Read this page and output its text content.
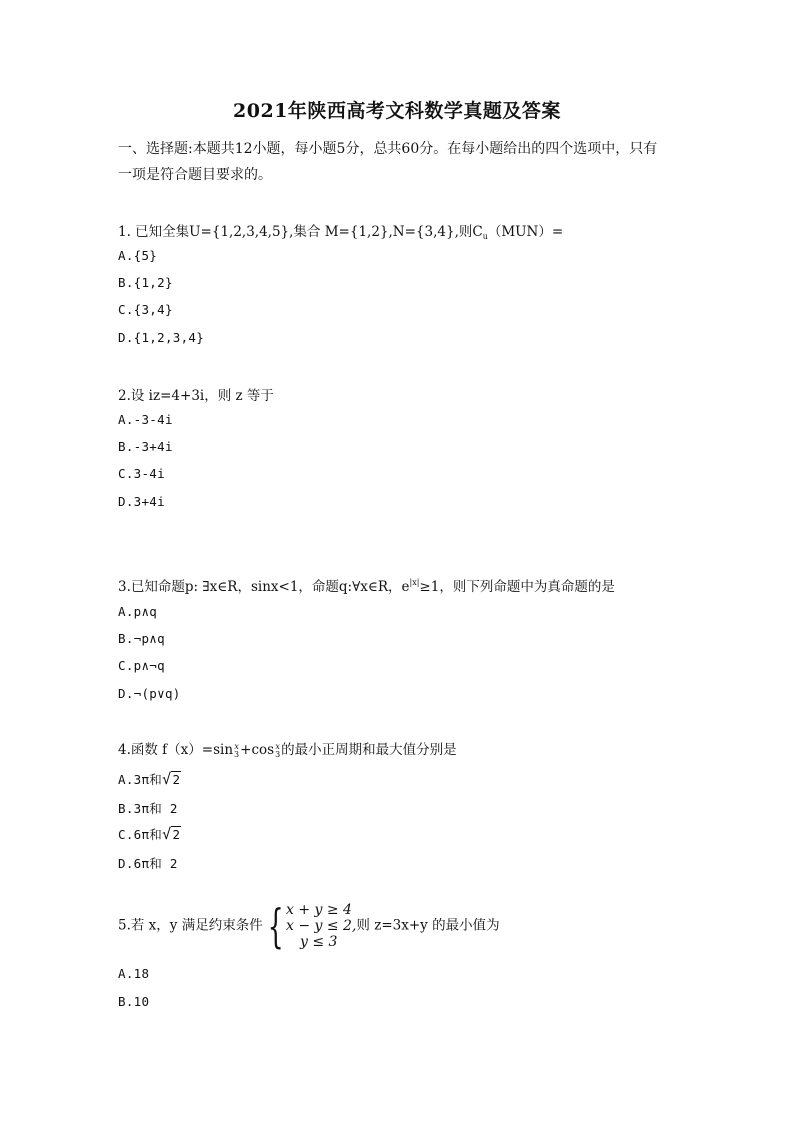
2021年陕西高考文科数学真题及答案
一、选择题:本题共12小题，每小题5分，总共60分。在每小题给出的四个选项中，只有
一项是符合题目要求的。
1. 已知全集U={1,2,3,4,5},集合 M={1,2},N={3,4},则$C_u(MUN)=$
A.{5}
B.{1,2}
C.{3,4}
D.{1,2,3,4}
2.设 iz=4+3i，则 z 等于
A.-3-4i
B.-3+4i
C.3-4i
D.3+4i
3.已知命题p: ∃x∈R，sinx<1，命题q:∀x∈R，$e^{|x|}\ge 1$，则下列命题中为真命题的是
A.p∧q
B.¬p∧q
C.p∧¬q
D.¬(p∨q)
4.函数 f（x）=sin x
3 +cos x
3 的最小正周期和最大值分别是
A.3π和√2
B.3π和 2
C.6π和√2
D.6π和 2
5.若 x，y 满足约束条件{ x + y ≥ 4
x − y ≤ 2,
y ≤ 3
则 z=3x+y 的最小值为
A.18
B.10
